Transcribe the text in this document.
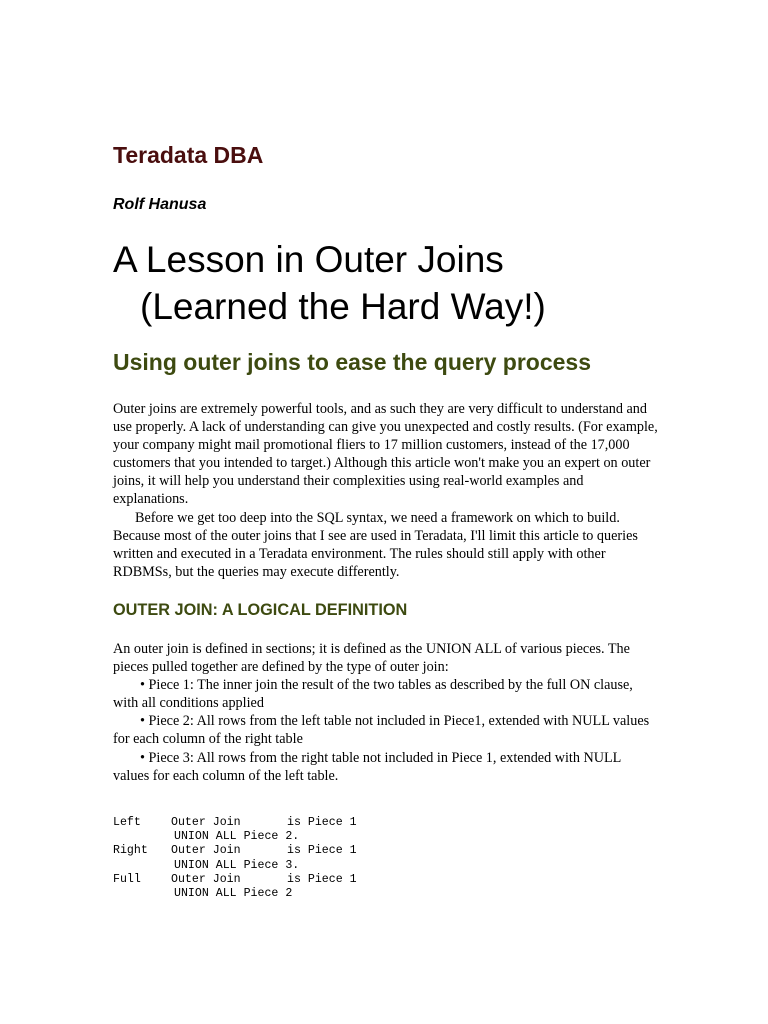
Teradata DBA

Rolf Hanusa

A Lesson in Outer Joins
(Learned the Hard Way!)
Using outer joins to ease the query process

Outer joins are extremely powerful tools, and as such they are very difficult to understand and use properly. A lack of understanding can give you unexpected and costly results. (For example, your company might mail promotional fliers to 17 million customers, instead of the 17,000 customers that you intended to target.) Although this article won't make you an expert on outer joins, it will help you understand their complexities using real-world examples and explanations.

Before we get too deep into the SQL syntax, we need a framework on which to build. Because most of the outer joins that I see are used in Teradata, I'll limit this article to queries written and executed in a Teradata environment. The rules should still apply with other RDBMSs, but the queries may execute differently.

OUTER JOIN: A LOGICAL DEFINITION

An outer join is defined in sections; it is defined as the UNION ALL of various pieces. The pieces pulled together are defined by the type of outer join:

• Piece 1: The inner join the result of the two tables as described by the full ON clause, with all conditions applied

• Piece 2: All rows from the left table not included in Piece1, extended with NULL values for each column of the right table

• Piece 3: All rows from the right table not included in Piece 1, extended with NULL values for each column of the left table.

Left	Outer Join	is Piece 1
UNION ALL Piece 2.
Right	Outer Join	is Piece 1
UNION ALL Piece 3.
Full	Outer Join	is Piece 1
UNION ALL Piece 2
